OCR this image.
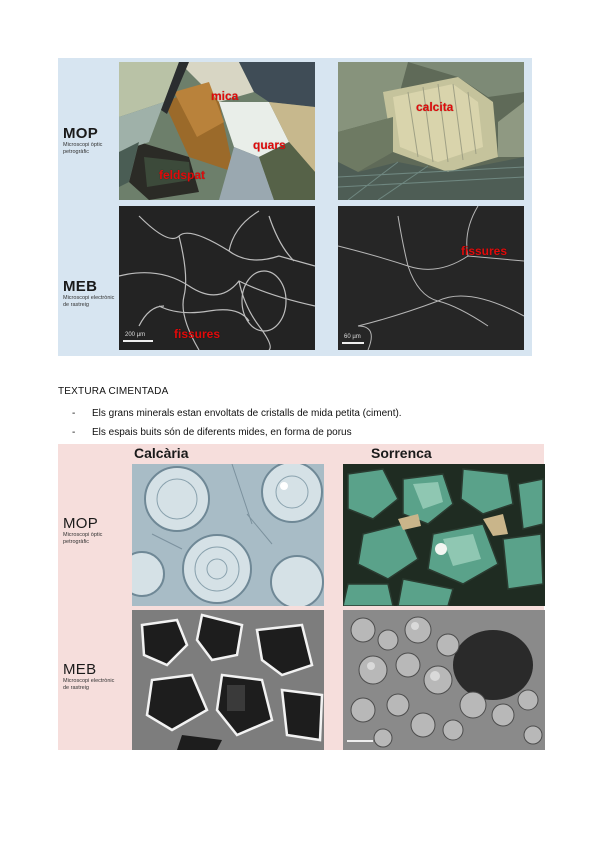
MOP
Microscopi òptic petrogràfic
MEB
Microscopi electrònic de rastreig
mica
quars
feldspat
calcita
200 µm fissures	60 µm
fissures
TEXTURA CIMENTADA
- Els grans minerals estan envoltats de cristalls de mida petita (ciment).
- Els espais buits són de diferents mides, en forma de porus
Calcària	Sorrenca
MOP
Microscopi òptic petrogràfic
MEB
Microscopi electrònic de rastreig
